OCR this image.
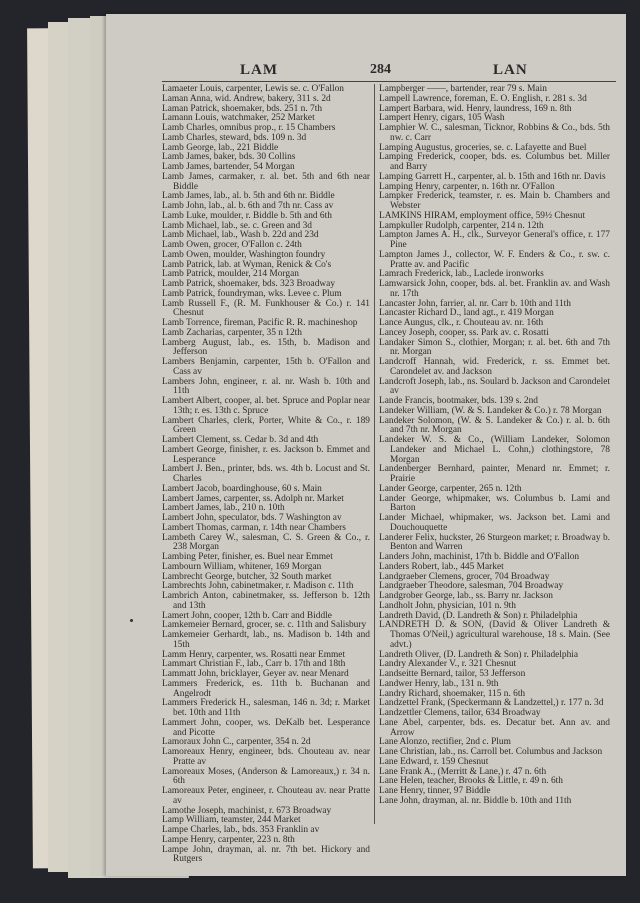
LAM	284	LAN
Lamaeter Louis, carpenter, Lewis se. c. O'Fallon
Laman Anna, wid. Andrew, bakery, 311 s. 2d
Laman Patrick, shoemaker, bds. 251 n. 7th
Lamann Louis, watchmaker, 252 Market
Lamb Charles, omnibus prop., r. 15 Chambers
Lamb Charles, steward, bds. 109 n. 3d
Lamb George, lab., 221 Biddle
Lamb James, baker, bds. 30 Collins
Lamb James, bartender, 54 Morgan
Lamb James, carmaker, r. al. bet. 5th and 6th near Biddle
Lamb James, lab., al. b. 5th and 6th nr. Biddle
Lamb John, lab., al. b. 6th and 7th nr. Cass av
Lamb Luke, moulder, r. Biddle b. 5th and 6th
Lamb Michael, lab., se. c. Green and 3d
Lamb Michael, lab., Wash b. 22d and 23d
Lamb Owen, grocer, O'Fallon c. 24th
Lamb Owen, moulder, Washington foundry
Lamb Patrick, lab. at Wyman, Renick & Co's
Lamb Patrick, moulder, 214 Morgan
Lamb Patrick, shoemaker, bds. 323 Broadway
Lamb Patrick, foundryman, wks. Levee c. Plum
Lamb Russell F., (R. M. Funkhouser & Co.) r. 141 Chesnut
Lamb Torrence, fireman, Pacific R. R. machineshop
Lamb Zacharias, carpenter, 35 n 12th
Lamberg August, lab., es. 15th, b. Madison and Jefferson
Lambers Benjamin, carpenter, 15th b. O'Fallon and Cass av
Lambers John, engineer, r. al. nr. Wash b. 10th and 11th
Lambert Albert, cooper, al. bet. Spruce and Poplar near 13th; r. es. 13th c. Spruce
Lambert Charles, clerk, Porter, White & Co., r. 189 Green
Lambert Clement, ss. Cedar b. 3d and 4th
Lambert George, finisher, r. es. Jackson b. Emmet and Lesperance
Lambert J. Ben., printer, bds. ws. 4th b. Locust and St. Charles
Lambert Jacob, boardinghouse, 60 s. Main
Lambert James, carpenter, ss. Adolph nr. Market
Lambert James, lab., 210 n. 10th
Lambert John, speculator, bds. 7 Washington av
Lambert Thomas, carman, r. 14th near Chambers
Lambeth Carey W., salesman, C. S. Green & Co., r. 238 Morgan
Lambing Peter, finisher, es. Buel near Emmet
Lambourn William, whitener, 169 Morgan
Lambrecht George, butcher, 32 South market
Lambrechts John, cabinetmaker, r. Madison c. 11th
Lambrich Anton, cabinetmaker, ss. Jefferson b. 12th and 13th
Lamert John, cooper, 12th b. Carr and Biddle
Lamkemeier Bernard, grocer, se. c. 11th and Salisbury
Lamkemeier Gerhardt, lab., ns. Madison b. 14th and 15th
Lamm Henry, carpenter, ws. Rosatti near Emmet
Lammart Christian F., lab., Carr b. 17th and 18th
Lammatt John, bricklayer, Geyer av. near Menard
Lammers Frederick, es. 11th b. Buchanan and Angelrodt
Lammers Frederick H., salesman, 146 n. 3d; r. Market bet. 10th and 11th
Lammert John, cooper, ws. DeKalb bet. Lesperance and Picotte
Lamoraux John C., carpenter, 354 n. 2d
Lamoreaux Henry, engineer, bds. Chouteau av. near Pratte av
Lamoreaux Moses, (Anderson & Lamoreaux,) r. 34 n. 6th
Lamoreaux Peter, engineer, r. Chouteau av. near Pratte av
Lamothe Joseph, machinist, r. 673 Broadway
Lamp William, teamster, 244 Market
Lampe Charles, lab., bds. 353 Franklin av
Lampe Henry, carpenter, 223 n. 8th
Lampe John, drayman, al. nr. 7th bet. Hickory and Rutgers
Lampberger ——, bartender, rear 79 s. Main
Lampell Lawrence, foreman, E. O. English, r. 281 s. 3d
Lampert Barbara, wid. Henry, laundress, 169 n. 8th
Lampert Henry, cigars, 105 Wash
Lamphier W. C., salesman, Ticknor, Robbins & Co., bds. 5th nw. c. Carr
Lamping Augustus, groceries, se. c. Lafayette and Buel
Lamping Frederick, cooper, bds. es. Columbus bet. Miller and Barry
Lamping Garrett H., carpenter, al. b. 15th and 16th nr. Davis
Lamping Henry, carpenter, n. 16th nr. O'Fallon
Lampker Frederick, teamster, r. es. Main b. Chambers and Webster
LAMKINS HIRAM, employment office, 59½ Chesnut
Lampkuller Rudolph, carpenter, 214 n. 12th
Lampton James A. H., clk., Surveyor General's office, r. 177 Pine
Lampton James J., collector, W. F. Enders & Co., r. sw. c. Pratte av. and Pacific
Lamrach Frederick, lab., Laclede ironworks
Lamwarsick John, cooper, bds. al. bet. Franklin av. and Wash nr. 17th
Lancaster John, farrier, al. nr. Carr b. 10th and 11th
Lancaster Richard D., land agt., r. 419 Morgan
Lance Aungus, clk., r. Chouteau av. nr. 16th
Lancey Joseph, cooper, ss. Park av. c. Rosatti
Landaker Simon S., clothier, Morgan; r. al. bet. 6th and 7th nr. Morgan
Landcroff Hannah, wid. Frederick, r. ss. Emmet bet. Carondelet av. and Jackson
Landcroft Joseph, lab., ns. Soulard b. Jackson and Carondelet av
Lande Francis, bootmaker, bds. 139 s. 2nd
Landeker William, (W. & S. Landeker & Co.) r. 78 Morgan
Landeker Solomon, (W. & S. Landeker & Co.) r. al. b. 6th and 7th nr. Morgan
Landeker W. S. & Co., (William Landeker, Solomon Landeker and Michael L. Cohn,) clothingstore, 78 Morgan
Landenberger Bernhard, painter, Menard nr. Emmet; r. Prairie
Lander George, carpenter, 265 n. 12th
Lander George, whipmaker, ws. Columbus b. Lami and Barton
Lander Michael, whipmaker, ws. Jackson bet. Lami and Douchouquette
Landerer Felix, huckster, 26 Sturgeon market; r. Broadway b. Benton and Warren
Landers John, machinist, 17th b. Biddle and O'Fallon
Landers Robert, lab., 445 Market
Landgraeber Clemens, grocer, 704 Broadway
Landgraeber Theodore, salesman, 704 Broadway
Landgrober George, lab., ss. Barry nr. Jackson
Landholt John, physician, 101 n. 9th
Landreth David, (D. Landreth & Son) r. Philadelphia
LANDRETH D. & SON, (David & Oliver Landreth & Thomas O'Neil,) agricultural warehouse, 18 s. Main. (See advt.)
Landreth Oliver, (D. Landreth & Son) r. Philadelphia
Landry Alexander V., r. 321 Chesnut
Landseitte Bernard, tailor, 53 Jefferson
Landwer Henry, lab., 131 n. 9th
Landry Richard, shoemaker, 115 n. 6th
Landzettel Frank, (Speckermann & Landzettel,) r. 177 n. 3d
Landzettler Clemens, tailor, 634 Broadway
Lane Abel, carpenter, bds. es. Decatur bet. Ann av. and Arrow
Lane Alonzo, rectifier, 2nd c. Plum
Lane Christian, lab., ns. Carroll bet. Columbus and Jackson
Lane Edward, r. 159 Chesnut
Lane Frank A., (Merritt & Lane,) r. 47 n. 6th
Lane Helen, teacher, Brooks & Little, r. 49 n. 6th
Lane Henry, tinner, 97 Biddle
Lane John, drayman, al. nr. Biddle b. 10th and 11th
